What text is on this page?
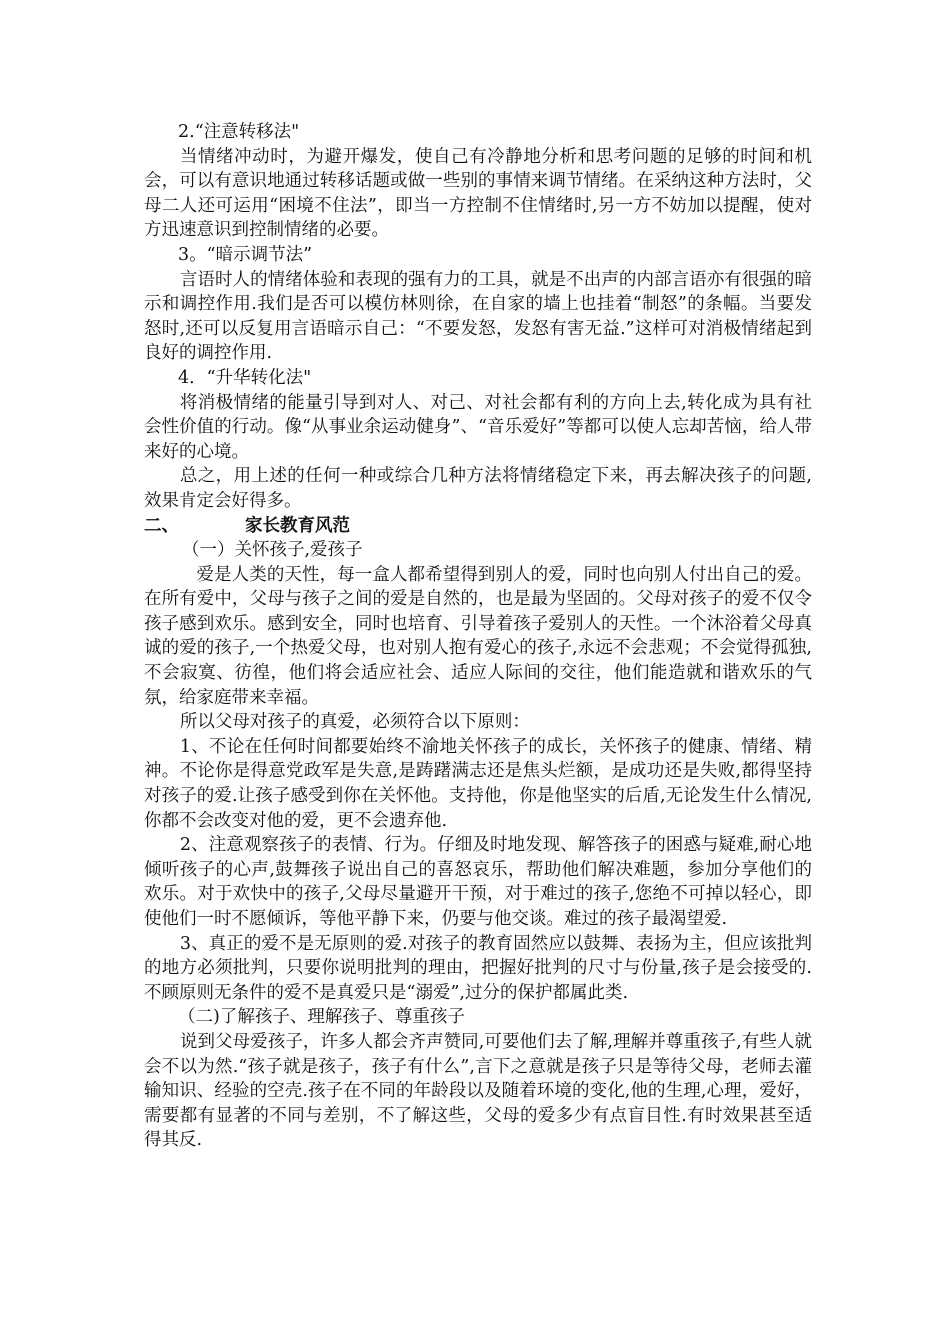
2.“注意转移法"

当情绪冲动时，为避开爆发，使自己有冷静地分析和思考问题的足够的时间和机会，可以有意识地通过转移话题或做一些别的事情来调节情绪。在采纳这种方法时，父母二人还可运用“困境不住法”，即当一方控制不住情绪时,另一方不妨加以提醒，使对方迅速意识到控制情绪的必要。

3。“暗示调节法”

言语时人的情绪体验和表现的强有力的工具，就是不出声的内部言语亦有很强的暗示和调控作用.我们是否可以模仿林则徐，在自家的墙上也挂着“制怒”的条幅。当要发怒时,还可以反复用言语暗示自己：“不要发怒，发怒有害无益.”这样可对消极情绪起到良好的调控作用.

4．“升华转化法"

将消极情绪的能量引导到对人、对己、对社会都有利的方向上去,转化成为具有社会性价值的行动。像“从事业余运动健身”、“音乐爱好”等都可以使人忘却苦恼，给人带来好的心境。

总之，用上述的任何一种或综合几种方法将情绪稳定下来，再去解决孩子的问题,效果肯定会好得多。

二、	家长教育风范

（一）关怀孩子,爱孩子

爱是人类的天性，每一盒人都希望得到别人的爱，同时也向别人付出自己的爱。在所有爱中，父母与孩子之间的爱是自然的，也是最为坚固的。父母对孩子的爱不仅令孩子感到欢乐。感到安全，同时也培育、引导着孩子爱别人的天性。一个沐浴着父母真诚的爱的孩子,一个热爱父母，也对别人抱有爱心的孩子,永远不会悲观；不会觉得孤独,不会寂寞、彷徨，他们将会适应社会、适应人际间的交往，他们能造就和谐欢乐的气氛，给家庭带来幸福。

所以父母对孩子的真爱，必须符合以下原则：

1、不论在任何时间都要始终不渝地关怀孩子的成长，关怀孩子的健康、情绪、精神。不论你是得意党政军是失意,是踌躇满志还是焦头烂额，是成功还是失败,都得坚持对孩子的爱.让孩子感受到你在关怀他。支持他，你是他坚实的后盾,无论发生什么情况,你都不会改变对他的爱，更不会遗弃他.

2、注意观察孩子的表情、行为。仔细及时地发现、解答孩子的困惑与疑难,耐心地倾听孩子的心声,鼓舞孩子说出自己的喜怒哀乐，帮助他们解决难题，参加分享他们的欢乐。对于欢快中的孩子,父母尽量避开干预，对于难过的孩子,您绝不可掉以轻心，即使他们一时不愿倾诉，等他平静下来，仍要与他交谈。难过的孩子最渴望爱.

3、真正的爱不是无原则的爱.对孩子的教育固然应以鼓舞、表扬为主，但应该批判的地方必须批判，只要你说明批判的理由，把握好批判的尺寸与份量,孩子是会接受的.不顾原则无条件的爱不是真爱只是“溺爱”,过分的保护都属此类.

（二)了解孩子、理解孩子、尊重孩子

说到父母爱孩子，许多人都会齐声赞同,可要他们去了解,理解并尊重孩子,有些人就会不以为然.“孩子就是孩子，孩子有什么”,言下之意就是孩子只是等待父母，老师去灌输知识、经验的空壳.孩子在不同的年龄段以及随着环境的变化,他的生理,心理，爱好，需要都有显著的不同与差别，不了解这些，父母的爱多少有点盲目性.有时效果甚至适得其反.
